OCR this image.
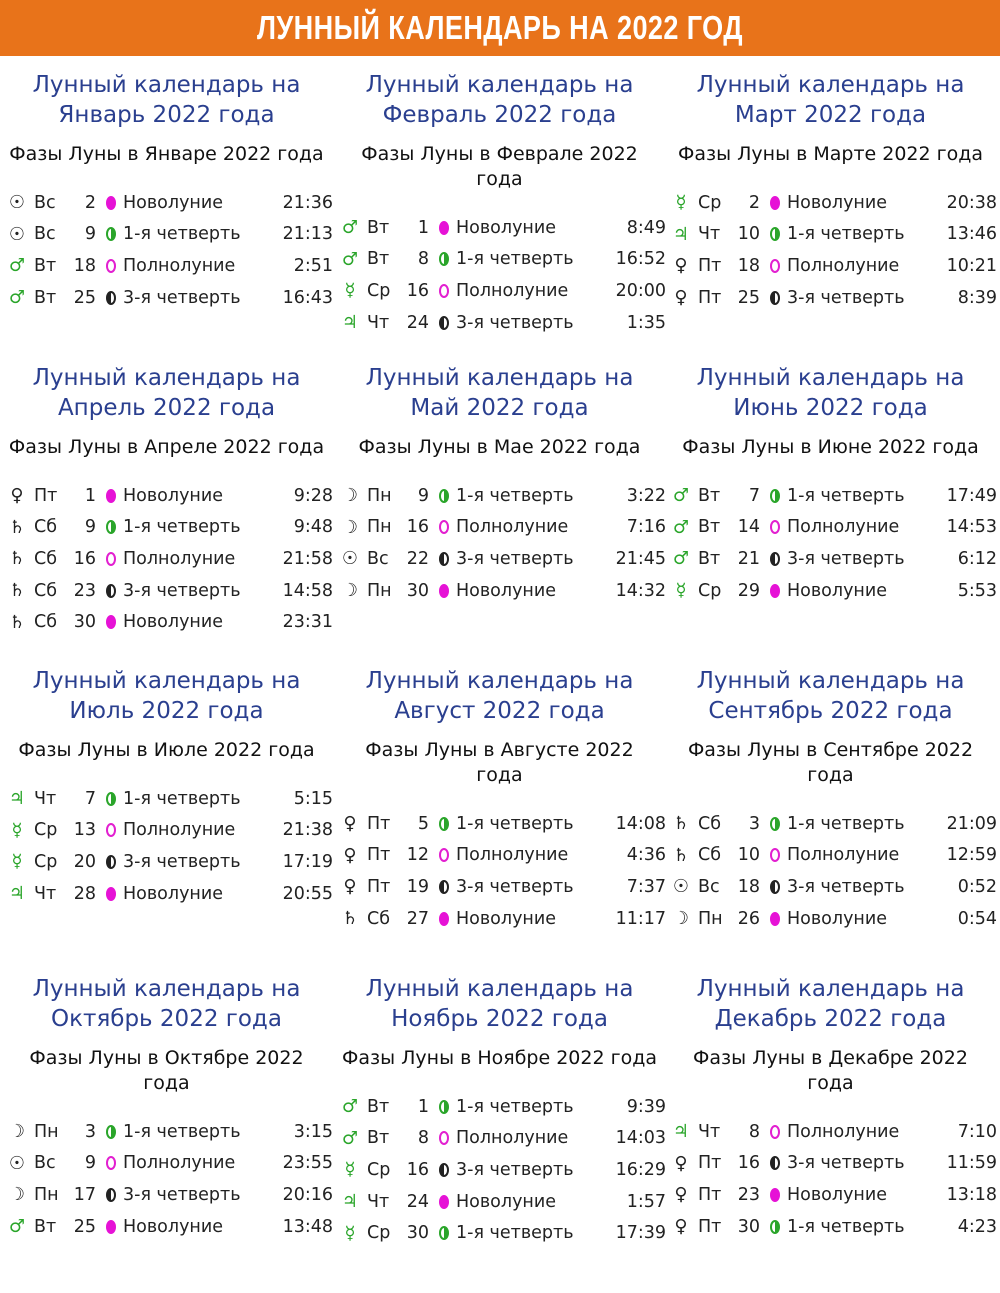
ЛУННЫЙ КАЛЕНДАРЬ НА 2022 ГОД
Лунный календарь на
Январь 2022 года
Фазы Луны в Январе 2022 года
☉ Вс	2 Новолуние	21:36
☉ Вс	9 1-я четверть	21:13
♂ Вт	18 Полнолуние	2:51
♂ Вт	25 3-я четверть	16:43
Лунный календарь на
Февраль 2022 года
Фазы Луны в Феврале 2022 года
♂ Вт	1 Новолуние	8:49
♂ Вт	8 1-я четверть	16:52
☿ Ср 16 Полнолуние	20:00
♃ Чт	24 3-я четверть	1:35
Лунный календарь на
Март 2022 года
Фазы Луны в Марте 2022 года
☿ Ср	2 Новолуние	20:38
♃ Чт	10 1-я четверть	13:46
♀ Пт 18 Полнолуние	10:21
♀ Пт 25 3-я четверть	8:39
Лунный календарь на
Апрель 2022 года
Фазы Луны в Апреле 2022 года
♀ Пт	1 Новолуние	9:28
♄ Сб	9 1-я четверть	9:48
♄ Сб 16 Полнолуние	21:58
♄ Сб 23 3-я четверть	14:58
♄ Сб 30 Новолуние	23:31
Лунный календарь на
Май 2022 года
Фазы Луны в Мае 2022 года
☽ Пн	9 1-я четверть	3:22
☽ Пн 16 Полнолуние	7:16
☉ Вс	22 3-я четверть	21:45
☽ Пн 30 Новолуние	14:32
Лунный календарь на
Июнь 2022 года
Фазы Луны в Июне 2022 года
♂ Вт	7 1-я четверть	17:49
♂ Вт	14 Полнолуние	14:53
♂ Вт	21 3-я четверть	6:12
☿ Ср 29 Новолуние	5:53
Лунный календарь на
Июль 2022 года
Фазы Луны в Июле 2022 года
♃ Чт	7 1-я четверть	5:15
☿ Ср 13 Полнолуние	21:38
☿ Ср 20 3-я четверть	17:19
♃ Чт	28 Новолуние	20:55
Лунный календарь на
Август 2022 года
Фазы Луны в Августе 2022 года
♀ Пт	5 1-я четверть	14:08
♀ Пт 12 Полнолуние	4:36
♀ Пт 19 3-я четверть	7:37
♄ Сб 27 Новолуние	11:17
Лунный календарь на
Сентябрь 2022 года
Фазы Луны в Сентябре 2022 года
♄ Сб	3 1-я четверть	21:09
♄ Сб 10 Полнолуние	12:59
☉ Вс	18 3-я четверть	0:52
☽ Пн 26 Новолуние	0:54
Лунный календарь на
Октябрь 2022 года
Фазы Луны в Октябре 2022 года
☽ Пн	3 1-я четверть	3:15
☉ Вс	9 Полнолуние	23:55
☽ Пн 17 3-я четверть	20:16
♂ Вт	25 Новолуние	13:48
Лунный календарь на
Ноябрь 2022 года
Фазы Луны в Ноябре 2022 года
♂ Вт	1 1-я четверть	9:39
♂ Вт	8 Полнолуние	14:03
☿ Ср 16 3-я четверть	16:29
♃ Чт	24 Новолуние	1:57
☿ Ср 30 1-я четверть	17:39
Лунный календарь на
Декабрь 2022 года
Фазы Луны в Декабре 2022 года
♃ Чт	8 Полнолуние	7:10
♀ Пт 16 3-я четверть	11:59
♀ Пт 23 Новолуние	13:18
♀ Пт 30 1-я четверть	4:23
